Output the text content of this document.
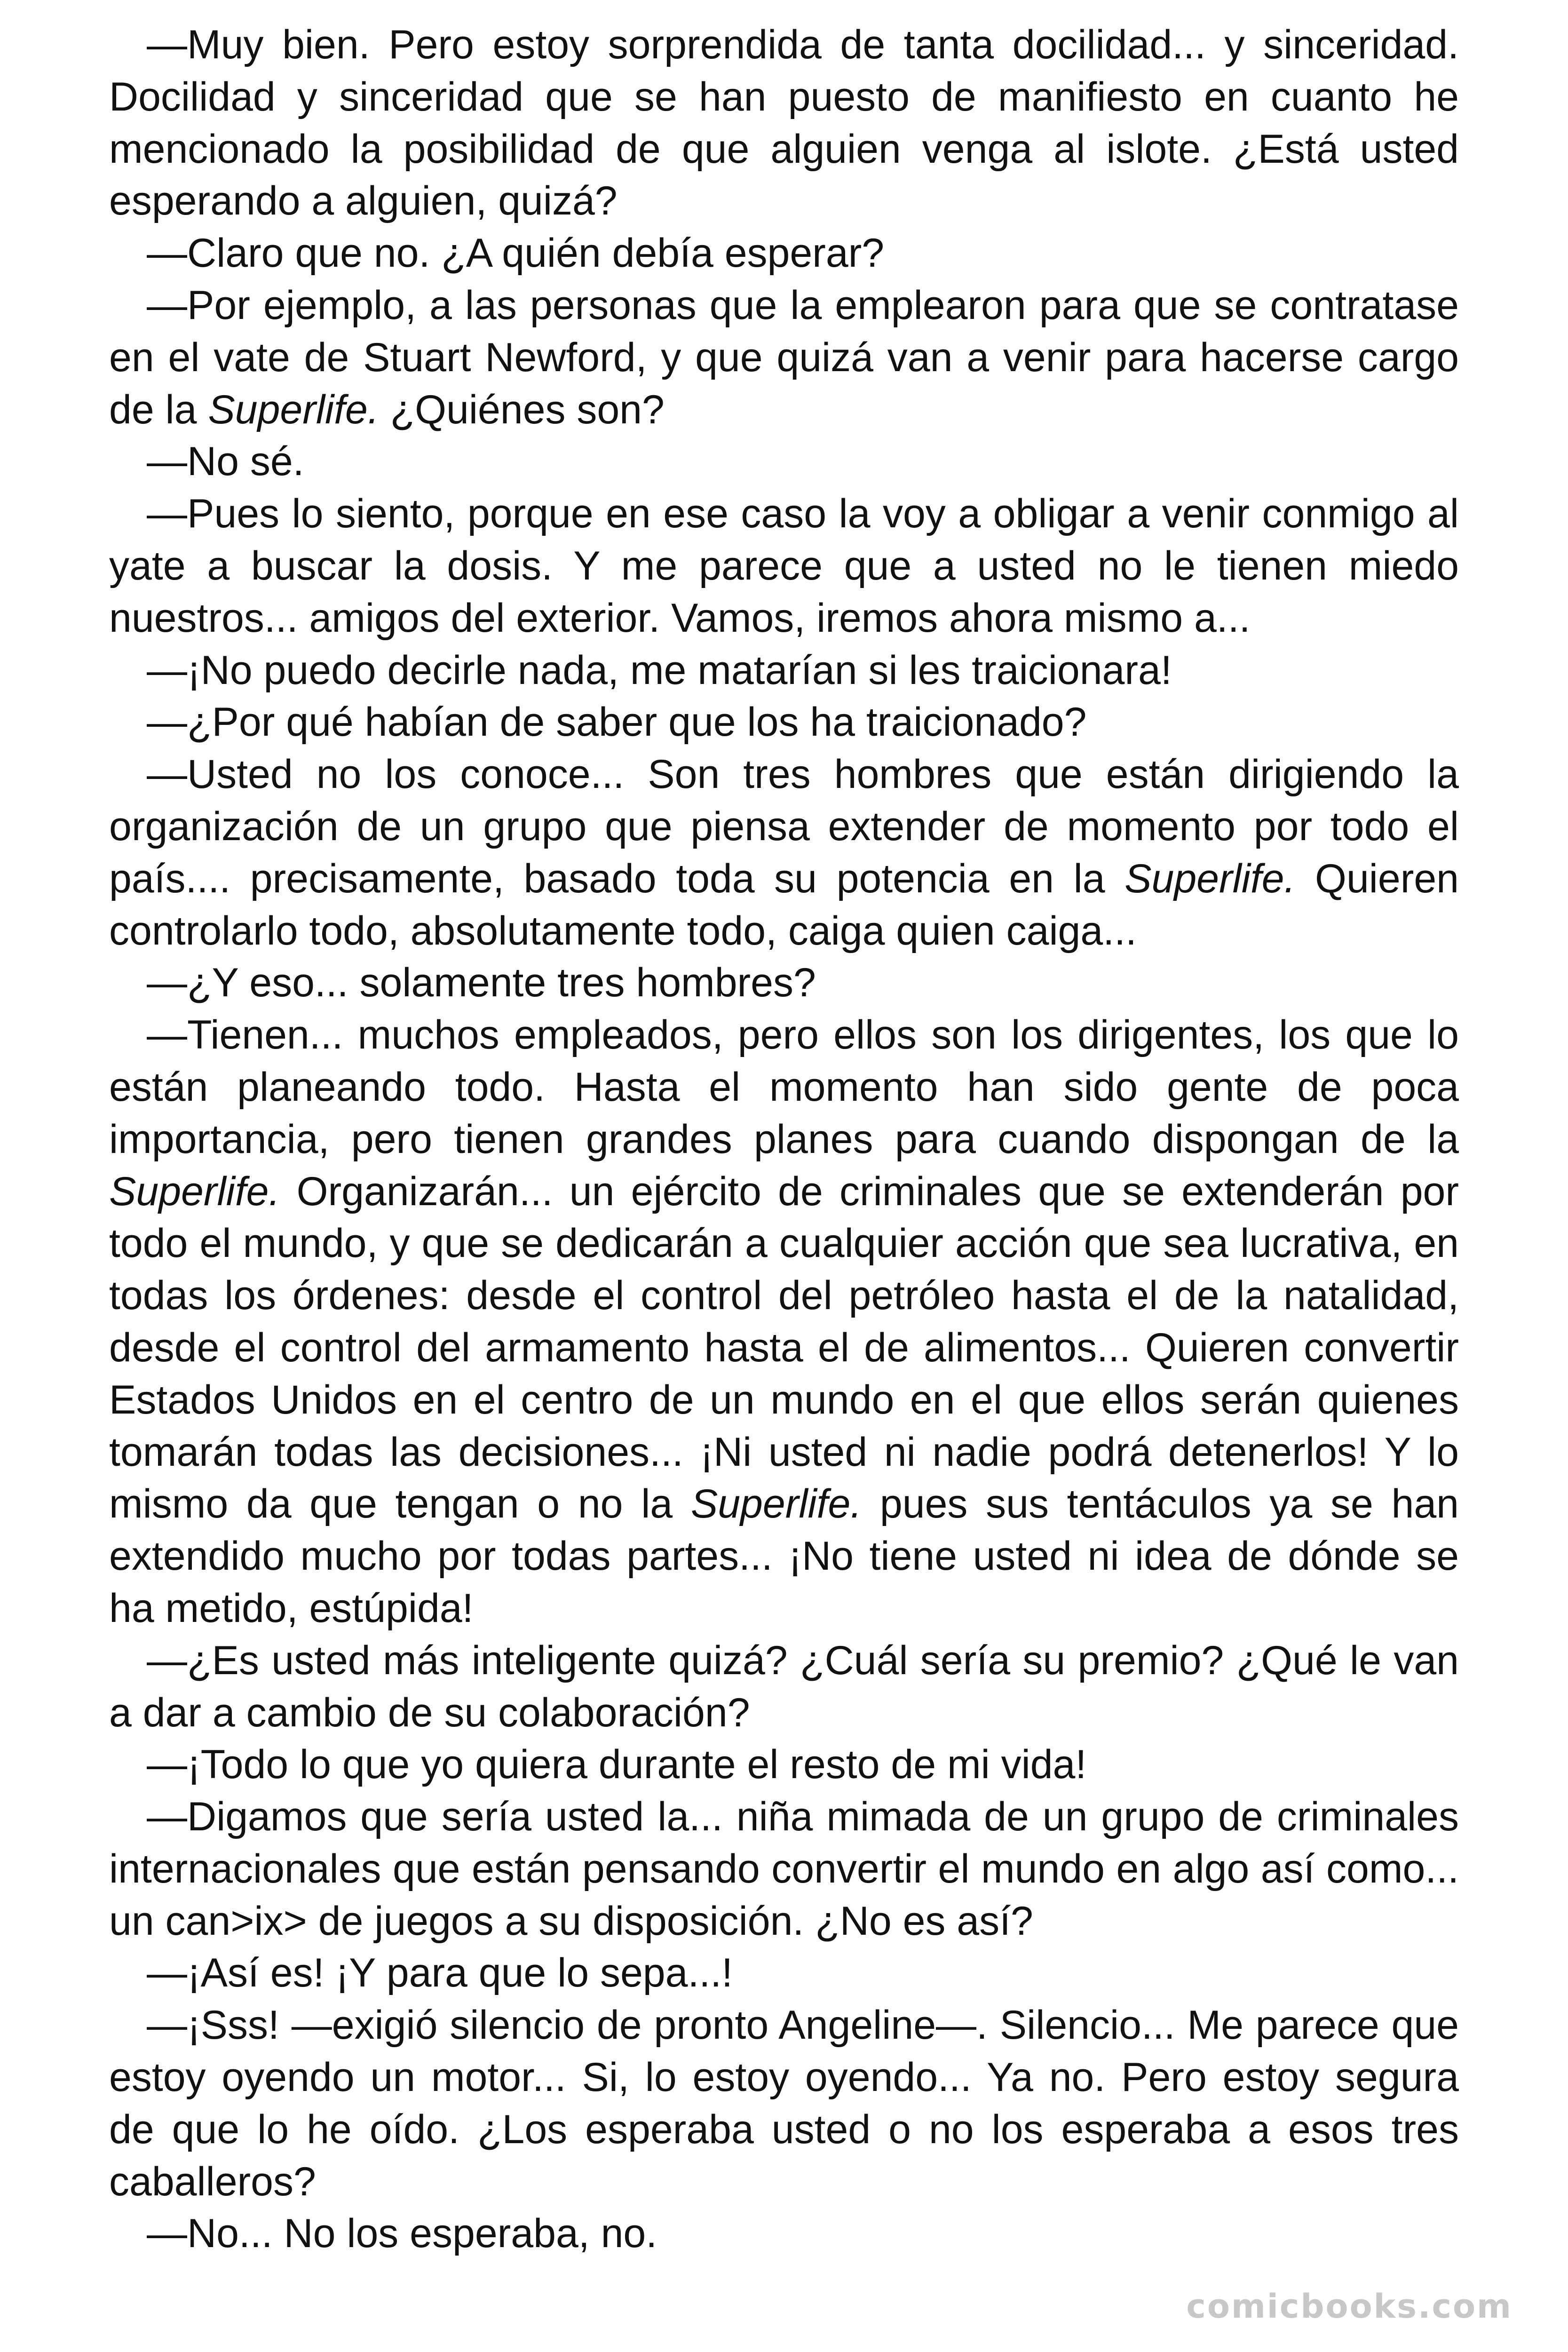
—Muy bien. Pero estoy sorprendida de tanta docilidad... y sinceridad. Docilidad y sinceridad que se han puesto de manifiesto en cuanto he mencionado la posibilidad de que alguien venga al islote. ¿Está usted esperando a alguien, quizá?

—Claro que no. ¿A quién debía esperar?

—Por ejemplo, a las personas que la emplearon para que se contratase en el vate de Stuart Newford, y que quizá van a venir para hacerse cargo de la Superlife. ¿Quiénes son?

—No sé.

—Pues lo siento, porque en ese caso la voy a obligar a venir conmigo al yate a buscar la dosis. Y me parece que a usted no le tienen miedo nuestros... amigos del exterior. Vamos, iremos ahora mismo a...

—¡No puedo decirle nada, me matarían si les traicionara!

—¿Por qué habían de saber que los ha traicionado?

—Usted no los conoce... Son tres hombres que están dirigiendo la organización de un grupo que piensa extender de momento por todo el país.... precisamente, basado toda su potencia en la Superlife. Quieren controlarlo todo, absolutamente todo, caiga quien caiga...

—¿Y eso... solamente tres hombres?

—Tienen... muchos empleados, pero ellos son los dirigentes, los que lo están planeando todo. Hasta el momento han sido gente de poca importancia, pero tienen grandes planes para cuando dispongan de la Superlife. Organizarán... un ejército de criminales que se extenderán por todo el mundo, y que se dedicarán a cualquier acción que sea lucrativa, en todas los órdenes: desde el control del petróleo hasta el de la natalidad, desde el control del armamento hasta el de alimentos... Quieren convertir Estados Unidos en el centro de un mundo en el que ellos serán quienes tomarán todas las decisiones... ¡Ni usted ni nadie podrá detenerlos! Y lo mismo da que tengan o no la Superlife. pues sus tentáculos ya se han extendido mucho por todas partes... ¡No tiene usted ni idea de dónde se ha metido, estúpida!

—¿Es usted más inteligente quizá? ¿Cuál sería su premio? ¿Qué le van a dar a cambio de su colaboración?

—¡Todo lo que yo quiera durante el resto de mi vida!

—Digamos que sería usted la... niña mimada de un grupo de criminales internacionales que están pensando convertir el mundo en algo así como... un can>ix> de juegos a su disposición. ¿No es así?

—¡Así es! ¡Y para que lo sepa...!

—¡Sss! —exigió silencio de pronto Angeline—. Silencio... Me parece que estoy oyendo un motor... Si, lo estoy oyendo... Ya no. Pero estoy segura de que lo he oído. ¿Los esperaba usted o no los esperaba a esos tres caballeros?

—No... No los esperaba, no.

comicbooks.com
